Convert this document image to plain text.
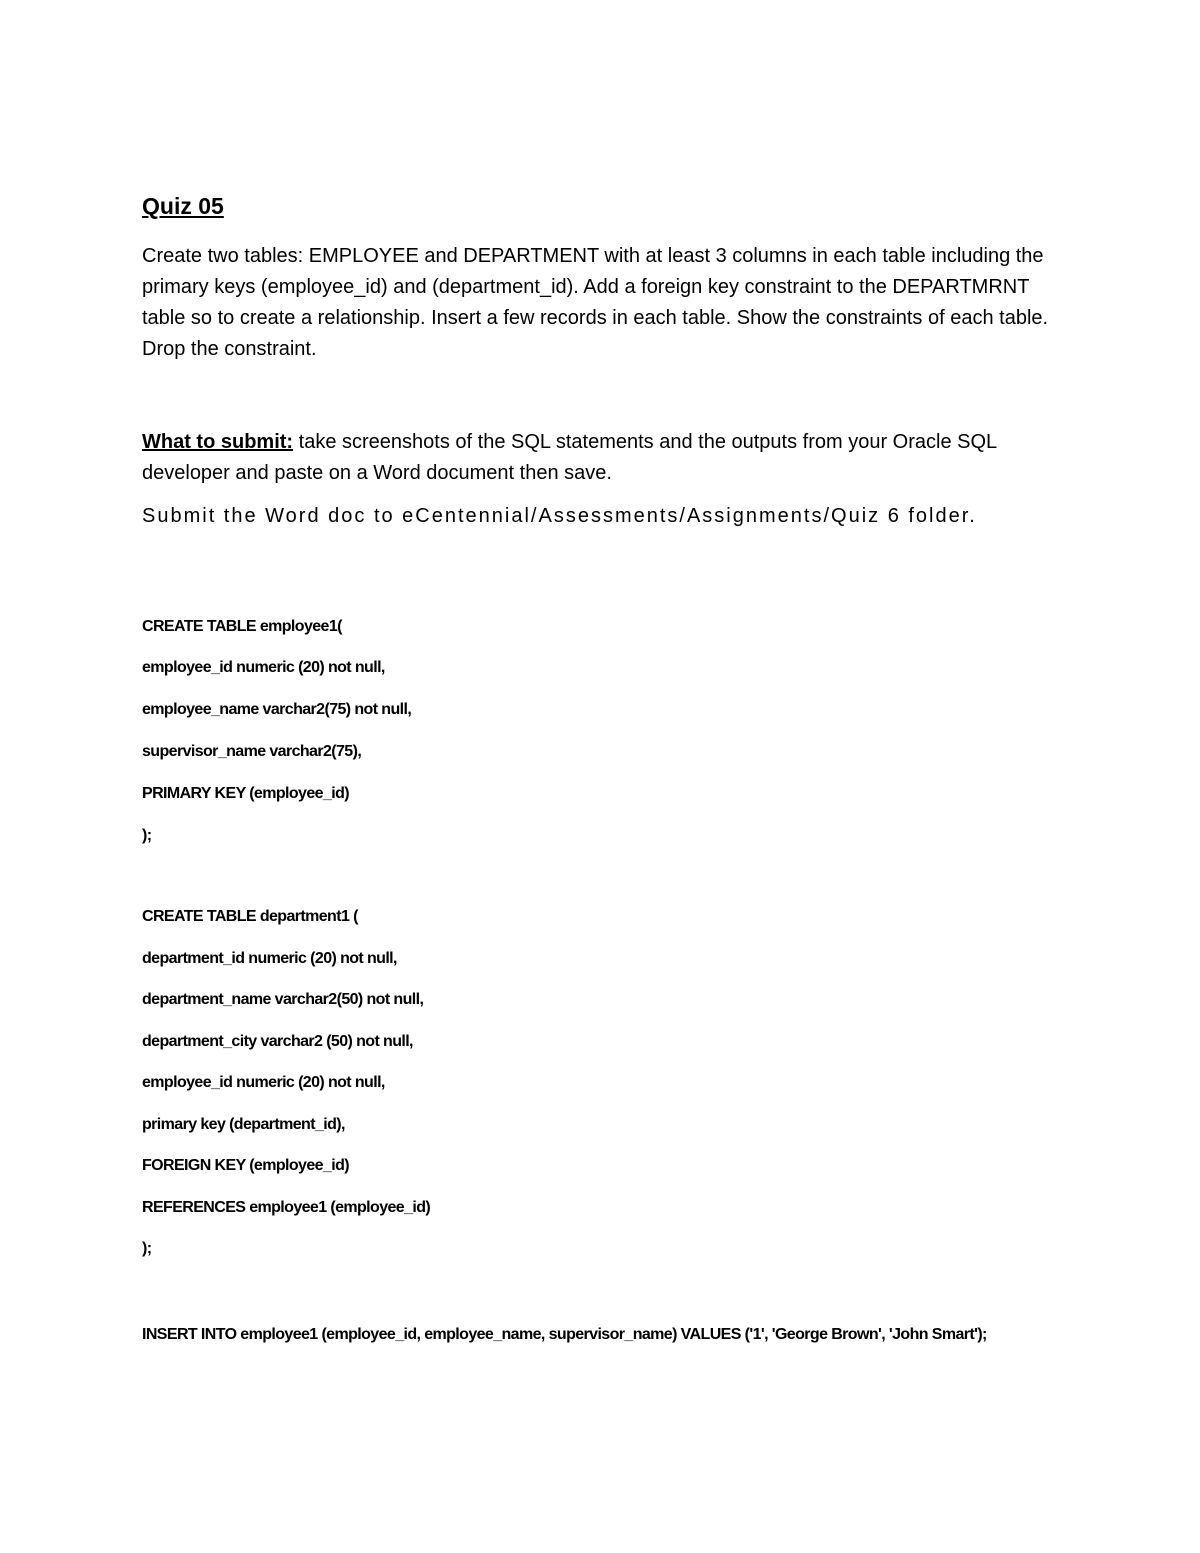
Quiz 05

Create two tables: EMPLOYEE and DEPARTMENT with at least 3 columns in each table including the primary keys (employee_id) and (department_id). Add a foreign key constraint to the DEPARTMRNT table so to create a relationship. Insert a few records in each table. Show the constraints of each table. Drop the constraint.

What to submit: take screenshots of the SQL statements and the outputs from your Oracle SQL developer and paste on a Word document then save.

Submit the Word doc to eCentennial/Assessments/Assignments/Quiz 6 folder.

CREATE TABLE employee1(

employee_id numeric (20) not null,

employee_name varchar2(75) not null,

supervisor_name varchar2(75),

PRIMARY KEY (employee_id)

);

CREATE TABLE department1 (

department_id numeric (20) not null,

department_name varchar2(50) not null,

department_city varchar2 (50) not null,

employee_id numeric (20) not null,

primary key (department_id),

FOREIGN KEY (employee_id)

REFERENCES employee1 (employee_id)

);

INSERT INTO employee1 (employee_id, employee_name, supervisor_name) VALUES ('1', 'George Brown', 'John Smart');
